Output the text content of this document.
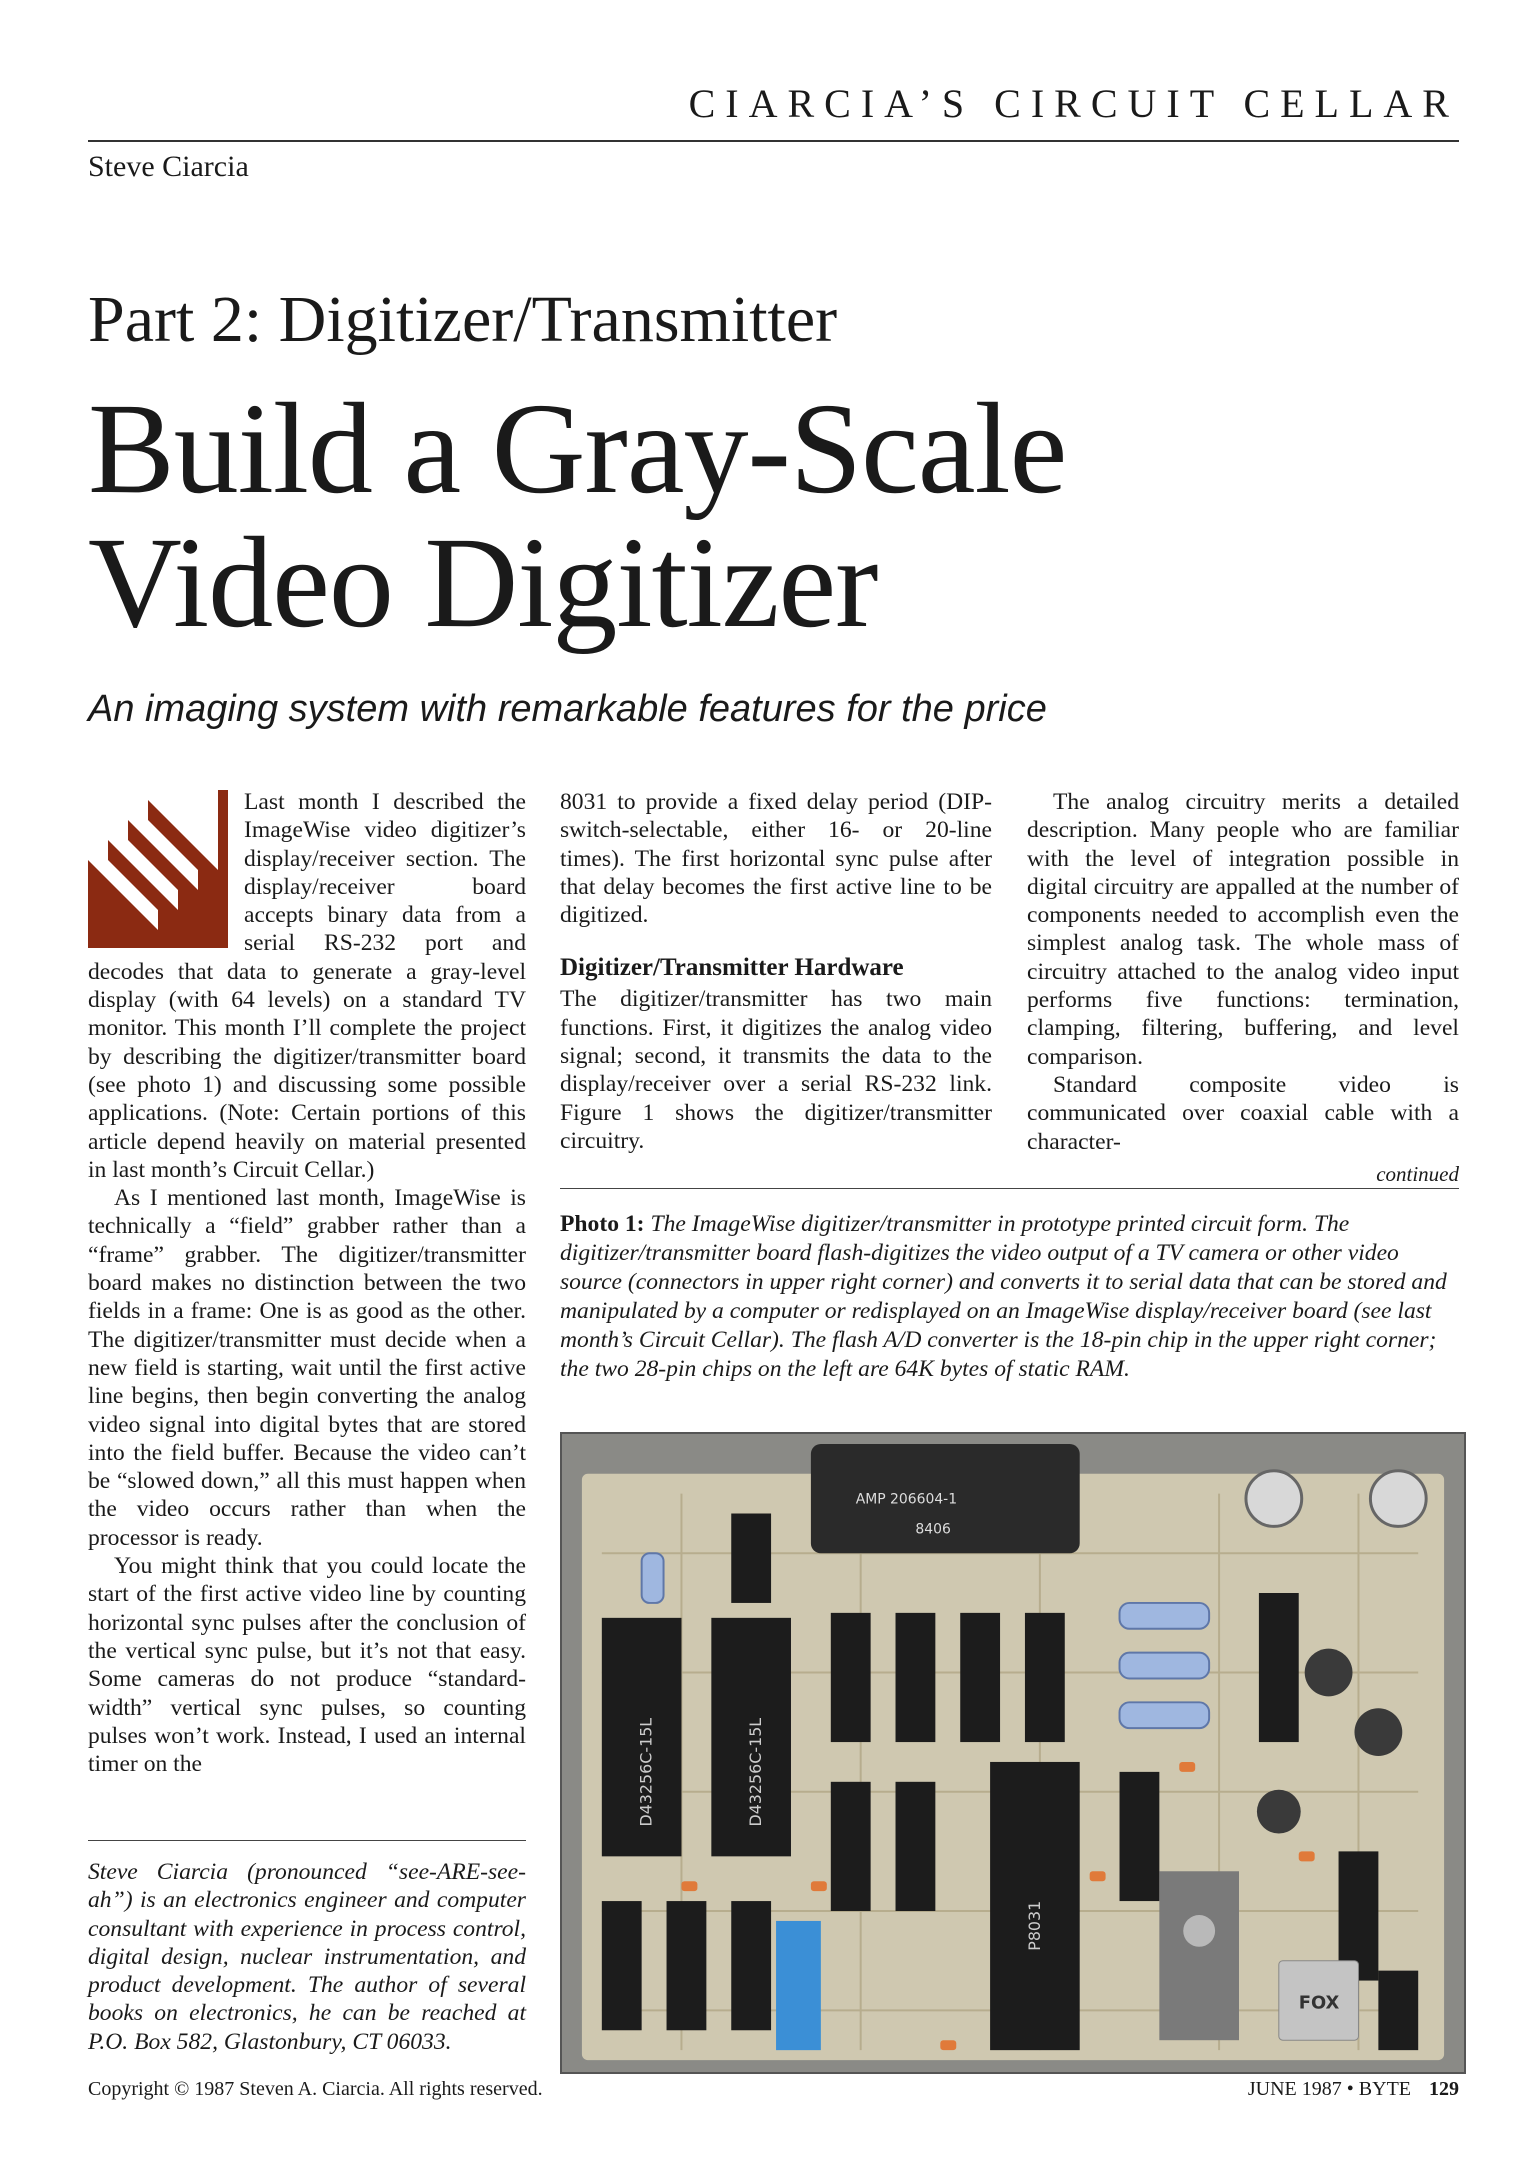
CIARCIA’S CIRCUIT CELLAR
Steve Ciarcia
Part 2: Digitizer/Transmitter
Build a Gray-Scale
Video Digitizer
An imaging system with remarkable features for the price

Last month I described the ImageWise video digitizer’s display/receiver section. The display/receiver board accepts binary data from a serial RS-232 port and decodes that data to generate a gray-level display (with 64 levels) on a standard TV monitor. This month I’ll complete the project by describing the digitizer/transmitter board (see photo 1) and discussing some possible applications. (Note: Certain portions of this article depend heavily on material presented in last month’s Circuit Cellar.)

As I mentioned last month, ImageWise is technically a “field” grabber rather than a “frame” grabber. The digitizer/transmitter board makes no distinction between the two fields in a frame: One is as good as the other. The digitizer/transmitter must decide when a new field is starting, wait until the first active line begins, then begin converting the analog video signal into digital bytes that are stored into the field buffer. Because the video can’t be “slowed down,” all this must happen when the video occurs rather than when the processor is ready.

You might think that you could locate the start of the first active video line by counting horizontal sync pulses after the conclusion of the vertical sync pulse, but it’s not that easy. Some cameras do not produce “standard-width” vertical sync pulses, so counting pulses won’t work. Instead, I used an internal timer on the

8031 to provide a fixed delay period (DIP-switch-selectable, either 16- or 20-line times). The first horizontal sync pulse after that delay becomes the first active line to be digitized.

Digitizer/Transmitter Hardware

The digitizer/transmitter has two main functions. First, it digitizes the analog video signal; second, it transmits the data to the display/receiver over a serial RS-232 link. Figure 1 shows the digitizer/transmitter circuitry.

The analog circuitry merits a detailed description. Many people who are familiar with the level of integration possible in digital circuitry are appalled at the number of components needed to accomplish even the simplest analog task. The whole mass of circuitry attached to the analog video input performs five functions: termination, clamping, filtering, buffering, and level comparison.

Standard composite video is communicated over coaxial cable with a character-

continued
Steve Ciarcia (pronounced “see-ARE-see-ah”) is an electronics engineer and computer consultant with experience in process control, digital design, nuclear instrumentation, and product development. The author of several books on electronics, he can be reached at P.O. Box 582, Glastonbury, CT 06033.
Photo 1: The ImageWise digitizer/transmitter in prototype printed circuit form. The digitizer/transmitter board flash-digitizes the video output of a TV camera or other video source (connectors in upper right corner) and converts it to serial data that can be stored and manipulated by a computer or redisplayed on an ImageWise display/receiver board (see last month’s Circuit Cellar). The flash A/D converter is the 18-pin chip in the upper right corner; the two 28-pin chips on the left are 64K bytes of static RAM.
AMP 206604-1
8406
D43256C-15L	D43256C-15L
P8031
FOX
Copyright © 1987 Steven A. Ciarcia. All rights reserved.	JUNE 1987 • BYTE 129
